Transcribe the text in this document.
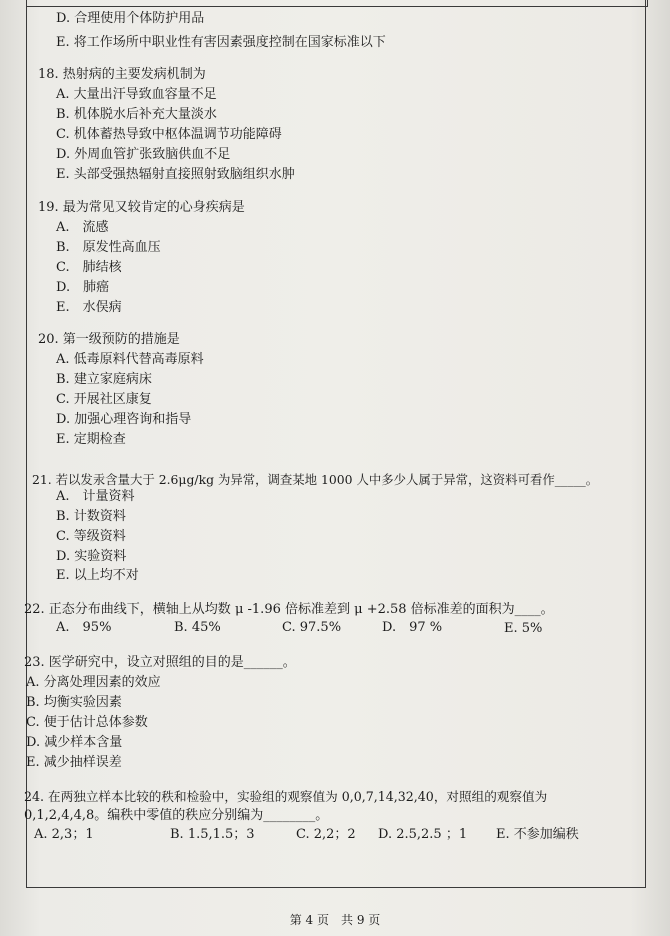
D. 合理使用个体防护用品
E. 将工作场所中职业性有害因素强度控制在国家标准以下
18. 热射病的主要发病机制为
A. 大量出汗导致血容量不足
B. 机体脱水后补充大量淡水
C. 机体蓄热导致中枢体温调节功能障碍
D. 外周血管扩张致脑供血不足
E. 头部受强热辐射直接照射致脑组织水肿
19. 最为常见又较肯定的心身疾病是
A.　流感
B.　原发性高血压
C.　肺结核
D.　肺癌
E.　水俣病
20. 第一级预防的措施是
A. 低毒原料代替高毒原料
B. 建立家庭病床
C. 开展社区康复
D. 加强心理咨询和指导
E. 定期检查
21. 若以发汞含量大于 2.6μg/kg 为异常，调查某地 1000 人中多少人属于异常，这资料可看作_____。
A.　计量资料
B. 计数资料
C. 等级资料
D. 实验资料
E. 以上均不对
22. 正态分布曲线下，横轴上从均数 μ -1.96 倍标准差到 μ +2.58 倍标准差的面积为____。
A.　95%	B. 45%	C. 97.5%	D.　97 %	E. 5%
23. 医学研究中，设立对照组的目的是______。
A. 分离处理因素的效应
B. 均衡实验因素
C. 便于估计总体参数
D. 减少样本含量
E. 减少抽样误差
24. 在两独立样本比较的秩和检验中，实验组的观察值为 0,0,7,14,32,40，对照组的观察值为
0,1,2,4,4,8。编秩中零值的秩应分别编为________。
A. 2,3；1	B. 1.5,1.5；3	C. 2,2；2 D. 2.5,2.5 ；1 E. 不参加编秩
第 4 页　共 9 页
